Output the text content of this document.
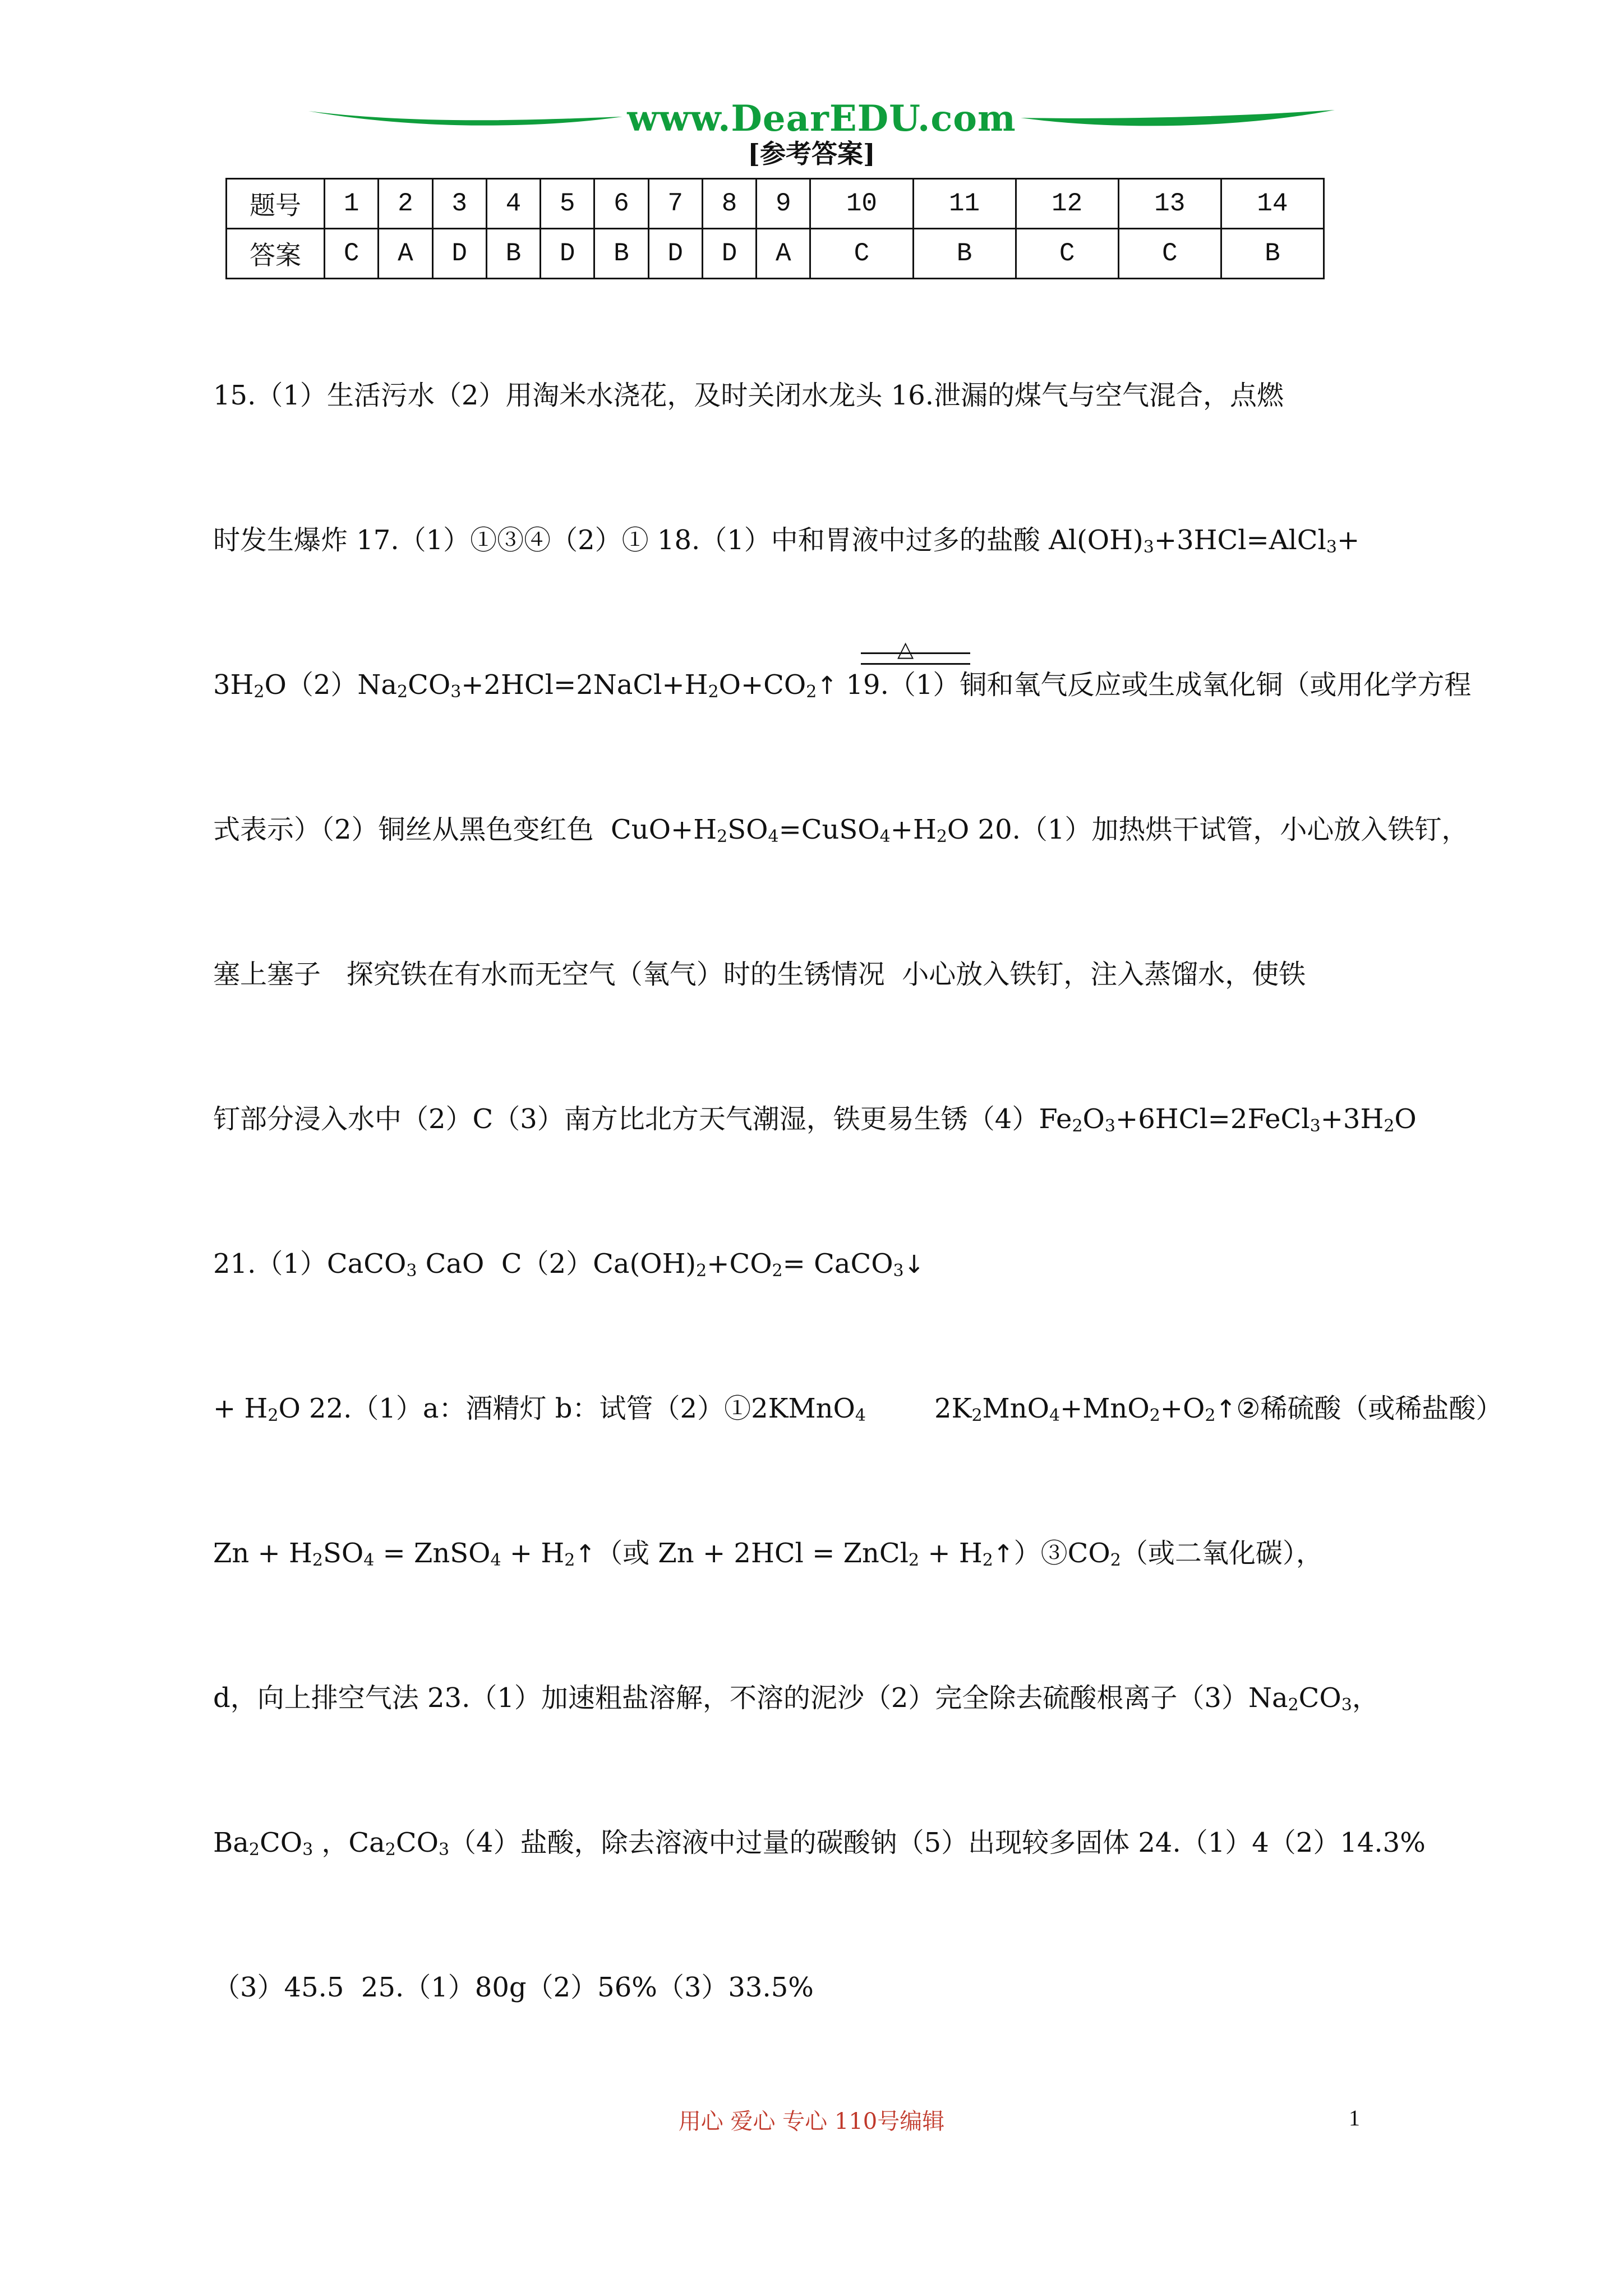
www.DearEDU.com
[参考答案]
题号	1	2	3	4	5	6	7	8	9	10	11	12	13	14
答案	C	A	D	B	D	B	D	D	A	C	B	C	C	B

15.（1）生活污水（2）用淘米水浇花，及时关闭水龙头 16.泄漏的煤气与空气混合，点燃

时发生爆炸 17.（1）①③④（2）① 18.（1）中和胃液中过多的盐酸 $Al(OH)_3+3HCl=AlCl_3+$

$3H_2O(2)Na_2CO_3+2HCl=2NaCl+H_2O+CO_2↑$ 19.（1）铜和氧气反应或生成氧化铜（或用化学方程

式表示）（2）铜丝从黑色变红色  $CuO+H_2SO_4=CuSO_4+H_2O$ 20.（1）加热烘干试管，小心放入铁钉，

塞上塞子   探究铁在有水而无空气（氧气）时的生锈情况  小心放入铁钉，注入蒸馏水，使铁

钉部分浸入水中（2）C（3）南方比北方天气潮湿，铁更易生锈$(4)Fe_2O_3+6HCl=2FeCl_3+3H_2O$

21.（1）CaCO$_3$ CaO  $C(2)Ca(OH)_2+CO_2=$ CaCO$_3$↓

+ $H_2O$ 22.（1）a：酒精灯 b：试管（2）①2KMnO$_4$        $2K_2MnO_4+MnO_2+O_2↑②$稀硫酸（或稀盐酸）

$Zn + H_2SO_4$ = ZnSO$_4$ + $H_2↑$（或 Zn + 2HCl = ZnCl$_2$ + $H_2↑)③CO_2$（或二氧化碳），

d，向上排空气法 23.（1）加速粗盐溶解，不溶的泥沙（2）完全除去硫酸根离子$(3)Na_2CO_3$，

$Ba_2CO_3$ ，$Ca_2CO_3(4)$盐酸，除去溶液中过量的碳酸钠（5）出现较多固体 24.（1）4（2）14.3%

（3）45.5  25.（1）80g（2）56%（3）33.5%

△
用心 爱心 专心 110号编辑	1
